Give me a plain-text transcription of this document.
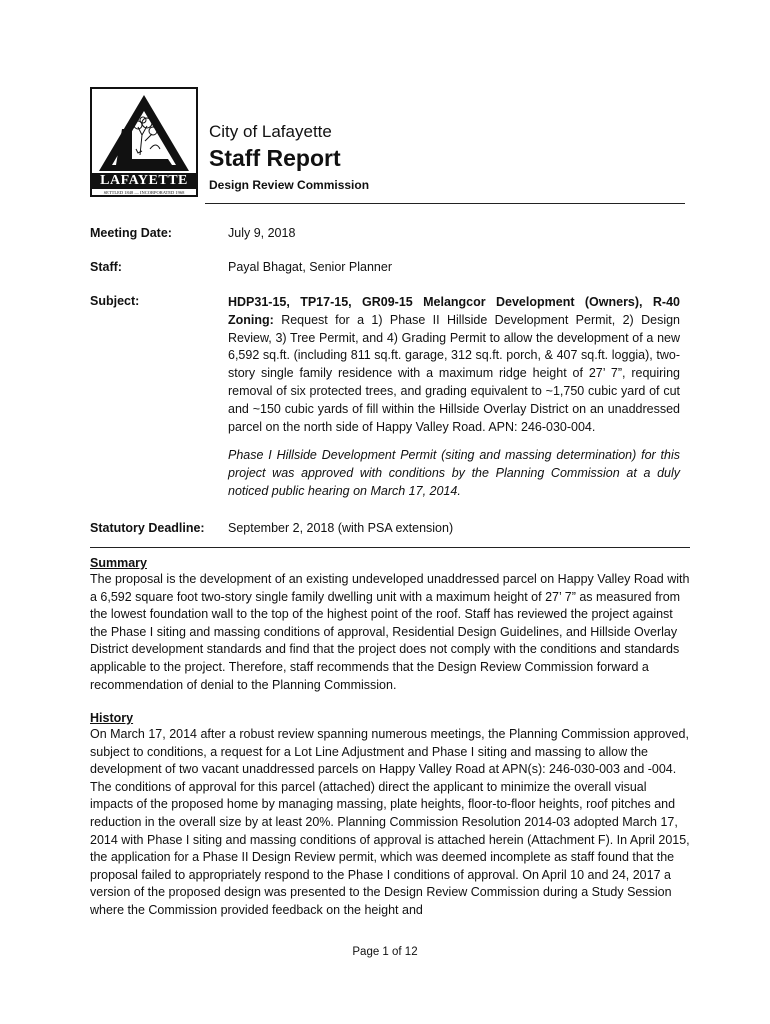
LAFAYETTE
SETTLED 1848 — INCORPORATED 1968
City of Lafayette
Staff Report
Design Review Commission
Meeting Date:	July 9, 2018
Staff:	Payal Bhagat, Senior Planner
Subject:	HDP31-15, TP17-15, GR09-15 Melangcor Development (Owners), R-40 Zoning: Request for a 1) Phase II Hillside Development Permit, 2) Design Review, 3) Tree Permit, and 4) Grading Permit to allow the development of a new 6,592 sq.ft. (including 811 sq.ft. garage, 312 sq.ft. porch, & 407 sq.ft. loggia), two-story single family residence with a maximum ridge height of 27’ 7”, requiring removal of six protected trees, and grading equivalent to ~1,750 cubic yard of cut and ~150 cubic yards of fill within the Hillside Overlay District on an unaddressed parcel on the north side of Happy Valley Road. APN: 246-030-004.
Phase I Hillside Development Permit (siting and massing determination) for this project was approved with conditions by the Planning Commission at a duly noticed public hearing on March 17, 2014.
Statutory Deadline: September 2, 2018 (with PSA extension)
Summary
The proposal is the development of an existing undeveloped unaddressed parcel on Happy Valley Road with a 6,592 square foot two-story single family dwelling unit with a maximum height of 27’ 7” as measured from the lowest foundation wall to the top of the highest point of the roof. Staff has reviewed the project against the Phase I siting and massing conditions of approval, Residential Design Guidelines, and Hillside Overlay District development standards and find that the project does not comply with the conditions and standards applicable to the project. Therefore, staff recommends that the Design Review Commission forward a recommendation of denial to the Planning Commission.
History
On March 17, 2014 after a robust review spanning numerous meetings, the Planning Commission approved, subject to conditions, a request for a Lot Line Adjustment and Phase I siting and massing to allow the development of two vacant unaddressed parcels on Happy Valley Road at APN(s): 246-030-003 and -004. The conditions of approval for this parcel (attached) direct the applicant to minimize the overall visual impacts of the proposed home by managing massing, plate heights, floor-to-floor heights, roof pitches and reduction in the overall size by at least 20%. Planning Commission Resolution 2014-03 adopted March 17, 2014 with Phase I siting and massing conditions of approval is attached herein (Attachment F). In April 2015, the application for a Phase II Design Review permit, which was deemed incomplete as staff found that the proposal failed to appropriately respond to the Phase I conditions of approval. On April 10 and 24, 2017 a version of the proposed design was presented to the Design Review Commission during a Study Session where the Commission provided feedback on the height and
Page 1 of 12
